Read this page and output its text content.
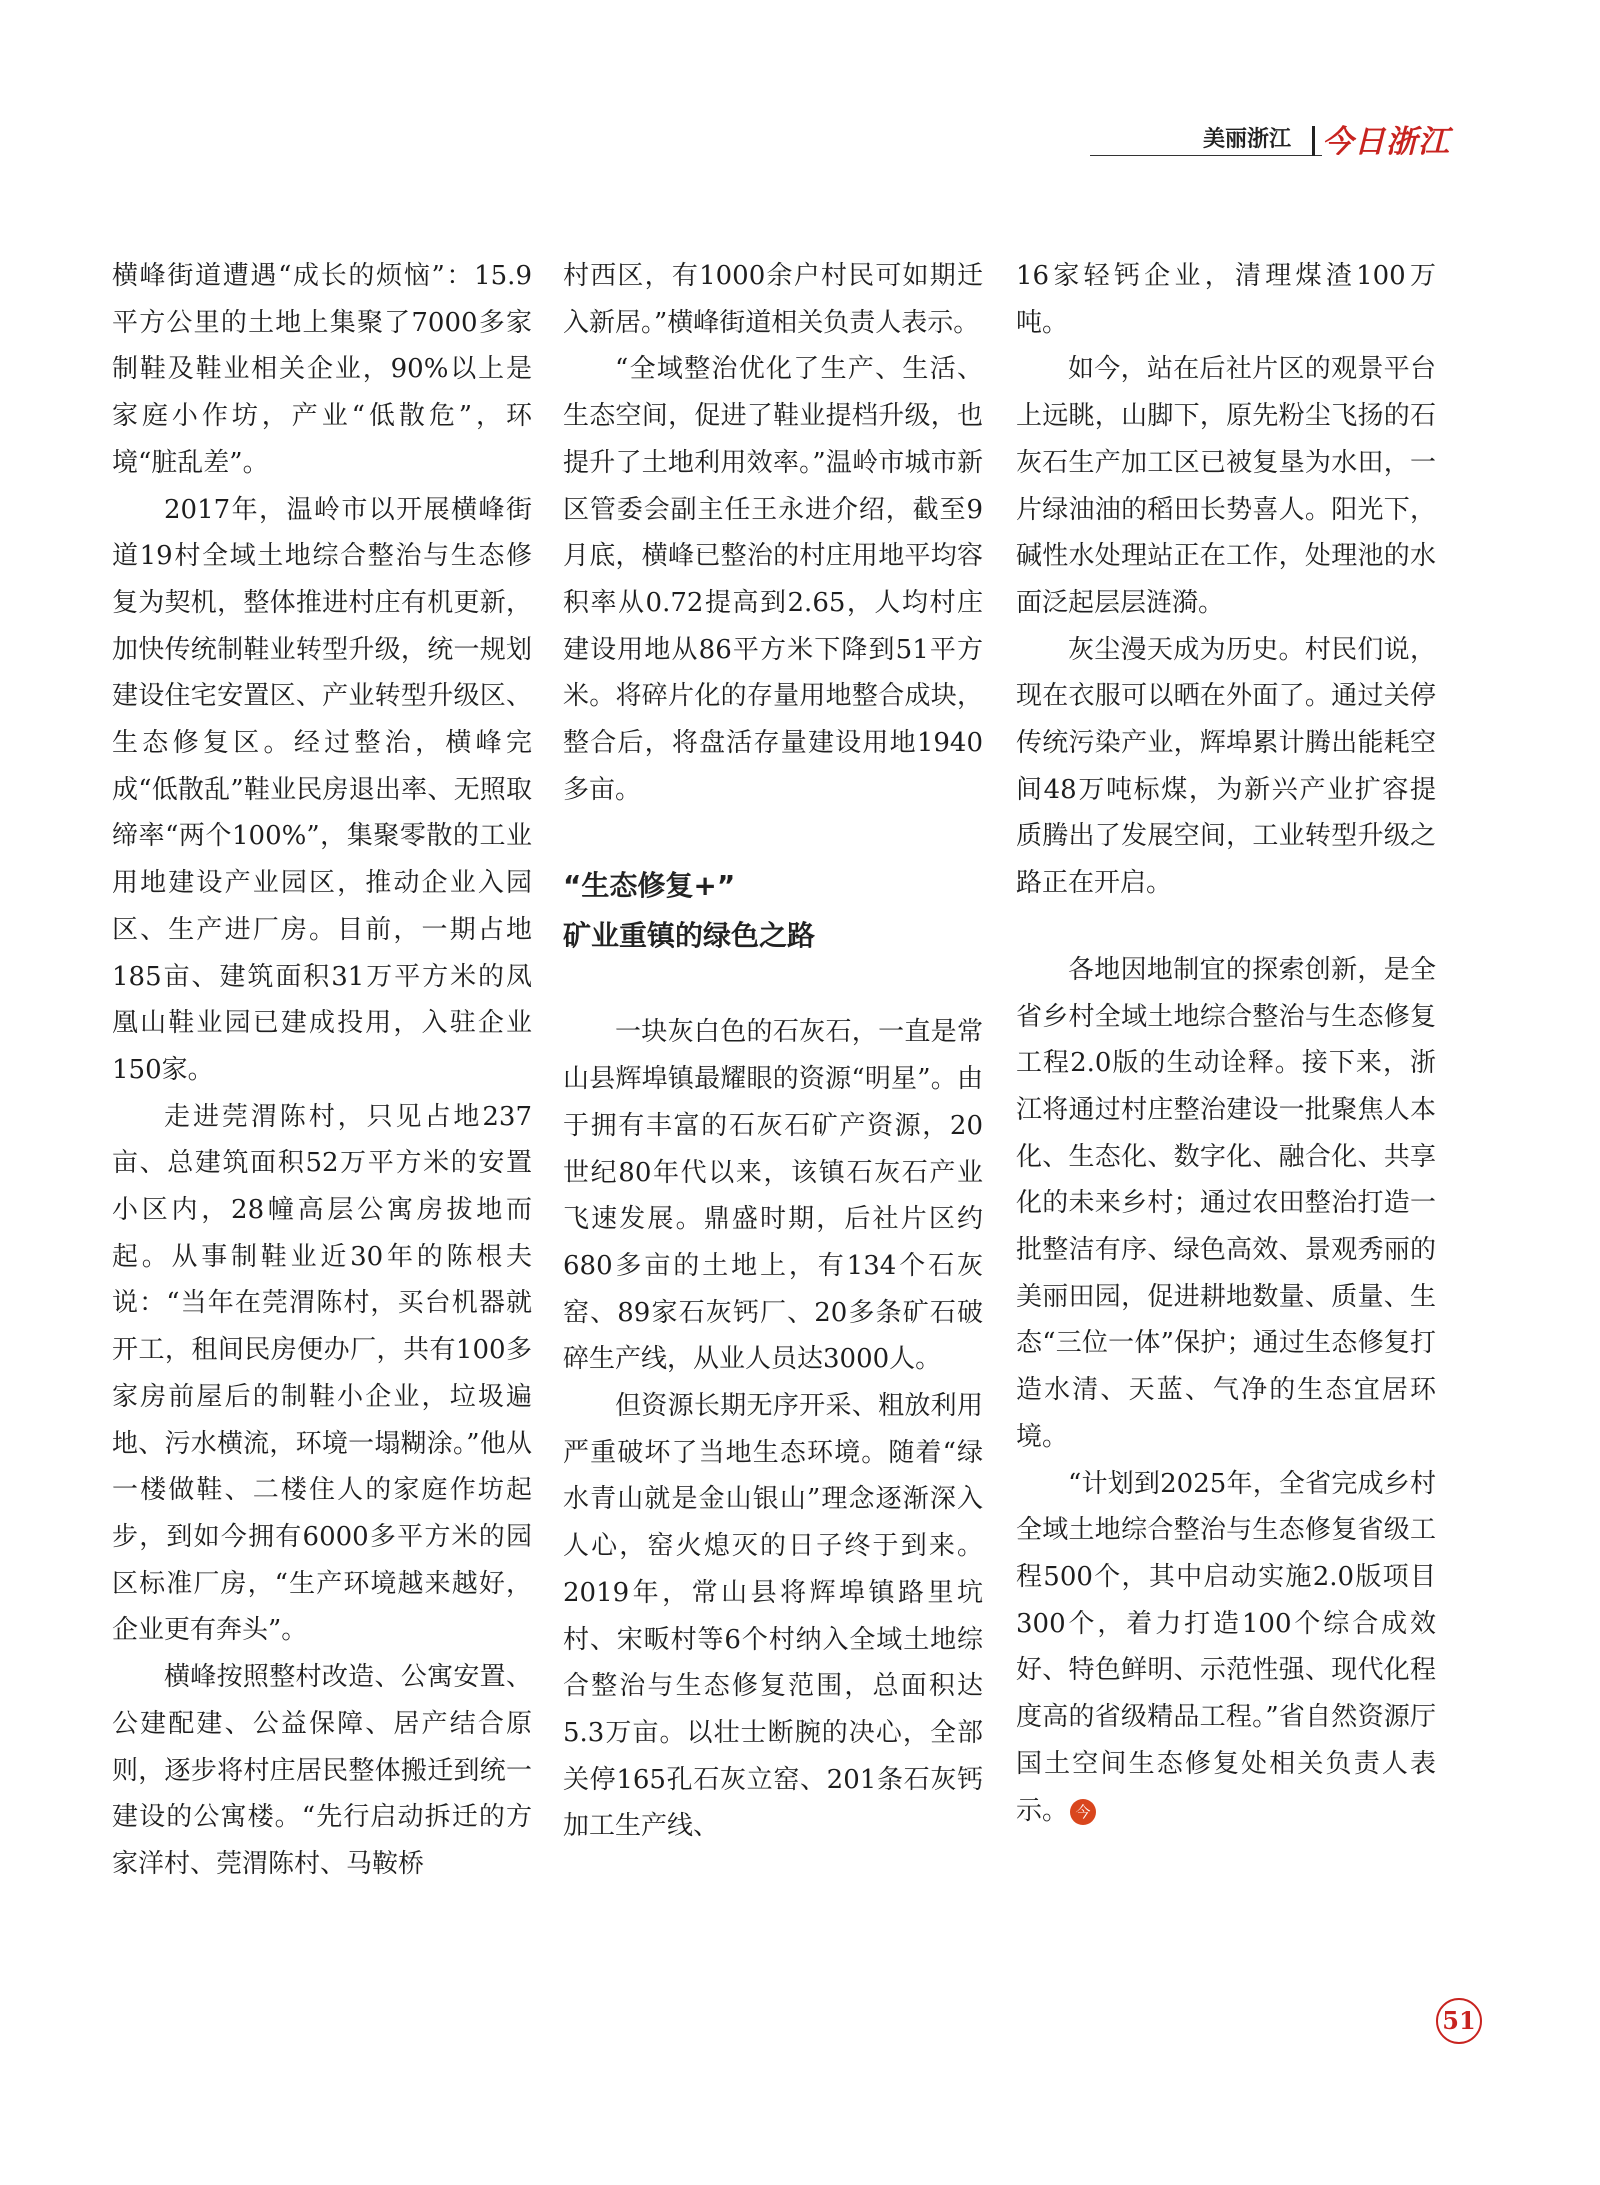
美丽浙江 今日浙江

横峰街道遭遇“成长的烦恼”：15.9平方公里的土地上集聚了7000多家制鞋及鞋业相关企业，90%以上是家庭小作坊，产业“低散危”，环境“脏乱差”。

2017年，温岭市以开展横峰街道19村全域土地综合整治与生态修复为契机，整体推进村庄有机更新，加快传统制鞋业转型升级，统一规划建设住宅安置区、产业转型升级区、生态修复区。经过整治，横峰完成“低散乱”鞋业民房退出率、无照取缔率“两个100%”，集聚零散的工业用地建设产业园区，推动企业入园区、生产进厂房。目前，一期占地185亩、建筑面积31万平方米的凤凰山鞋业园已建成投用，入驻企业150家。

走进莞渭陈村，只见占地237亩、总建筑面积52万平方米的安置小区内，28幢高层公寓房拔地而起。从事制鞋业近30年的陈根夫说：“当年在莞渭陈村，买台机器就开工，租间民房便办厂，共有100多家房前屋后的制鞋小企业，垃圾遍地、污水横流，环境一塌糊涂。”他从一楼做鞋、二楼住人的家庭作坊起步，到如今拥有6000多平方米的园区标准厂房，“生产环境越来越好，企业更有奔头”。

横峰按照整村改造、公寓安置、公建配建、公益保障、居产结合原则，逐步将村庄居民整体搬迁到统一建设的公寓楼。“先行启动拆迁的方家洋村、莞渭陈村、马鞍桥

村西区，有1000余户村民可如期迁入新居。”横峰街道相关负责人表示。

“全域整治优化了生产、生活、生态空间，促进了鞋业提档升级，也提升了土地利用效率。”温岭市城市新区管委会副主任王永进介绍，截至9月底，横峰已整治的村庄用地平均容积率从0.72提高到2.65，人均村庄建设用地从86平方米下降到51平方米。将碎片化的存量用地整合成块，整合后，将盘活存量建设用地1940多亩。

“生态修复+”
矿业重镇的绿色之路

一块灰白色的石灰石，一直是常山县辉埠镇最耀眼的资源“明星”。由于拥有丰富的石灰石矿产资源，20世纪80年代以来，该镇石灰石产业飞速发展。鼎盛时期，后社片区约680多亩的土地上，有134个石灰窑、89家石灰钙厂、20多条矿石破碎生产线，从业人员达3000人。

但资源长期无序开采、粗放利用严重破坏了当地生态环境。随着“绿水青山就是金山银山”理念逐渐深入人心，窑火熄灭的日子终于到来。2019年，常山县将辉埠镇路里坑村、宋畈村等6个村纳入全域土地综合整治与生态修复范围，总面积达5.3万亩。以壮士断腕的决心，全部关停165孔石灰立窑、201条石灰钙加工生产线、

16家轻钙企业，清理煤渣100万吨。

如今，站在后社片区的观景平台上远眺，山脚下，原先粉尘飞扬的石灰石生产加工区已被复垦为水田，一片绿油油的稻田长势喜人。阳光下，碱性水处理站正在工作，处理池的水面泛起层层涟漪。

灰尘漫天成为历史。村民们说，现在衣服可以晒在外面了。通过关停传统污染产业，辉埠累计腾出能耗空间48万吨标煤，为新兴产业扩容提质腾出了发展空间，工业转型升级之路正在开启。

各地因地制宜的探索创新，是全省乡村全域土地综合整治与生态修复工程2.0版的生动诠释。接下来，浙江将通过村庄整治建设一批聚焦人本化、生态化、数字化、融合化、共享化的未来乡村；通过农田整治打造一批整洁有序、绿色高效、景观秀丽的美丽田园，促进耕地数量、质量、生态“三位一体”保护；通过生态修复打造水清、天蓝、气净的生态宜居环境。

“计划到2025年，全省完成乡村全域土地综合整治与生态修复省级工程500个，其中启动实施2.0版项目300个，着力打造100个综合成效好、特色鲜明、示范性强、现代化程度高的省级精品工程。”省自然资源厅国土空间生态修复处相关负责人表示。 今

51
